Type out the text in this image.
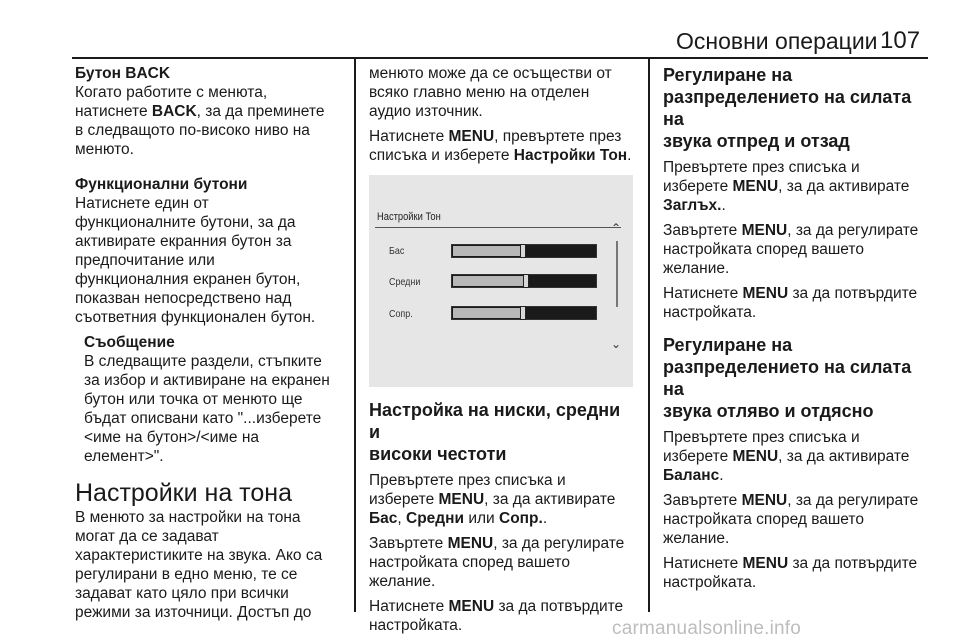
Основни операции 107
Бутон BACK

Когато работите с менюта,
натиснете BACK, за да преминете
в следващото по-високо ниво на
менюто.

Функционални бутони

Натиснете един от
функционалните бутони, за да
активирате екранния бутон за
предпочитание или
функционалния екранен бутон,
показван непосредствено над
съответния функционален бутон.

Съобщение

В следващите раздели, стъпките
за избор и активиране на екранен
бутон или точка от менюто ще
бъдат описвани като "...изберете
<име на бутон>/<име на
елемент>".

Настройки на тона

В менюто за настройки на тона
могат да се задават
характеристиките на звука. Ако са
регулирани в едно меню, те се
задават като цяло при всички
режими за източници. Достъп до

менюто може да се осъществи от
всяко главно меню на отделен
аудио източник.

Натиснете MENU, превъртете през
списъка и изберете Настройки Тон.

Настройки Тон
⌃
⌄
Бас
Средни
Сопр.
Настройка на ниски, средни и
високи честоти

Превъртете през списъка и
изберете MENU, за да активирате
Бас, Средни или Сопр..

Завъртете MENU, за да регулирате
настройката според вашето
желание.

Натиснете MENU за да потвърдите
настройката.

Регулиране на
разпределението на силата на
звука отпред и отзад

Превъртете през списъка и
изберете MENU, за да активирате
Заглъх..

Завъртете MENU, за да регулирате
настройката според вашето
желание.

Натиснете MENU за да потвърдите
настройката.

Регулиране на
разпределението на силата на
звука отляво и отдясно

Превъртете през списъка и
изберете MENU, за да активирате
Баланс.

Завъртете MENU, за да регулирате
настройката според вашето
желание.

Натиснете MENU за да потвърдите
настройката.

carmanualsonline.info
